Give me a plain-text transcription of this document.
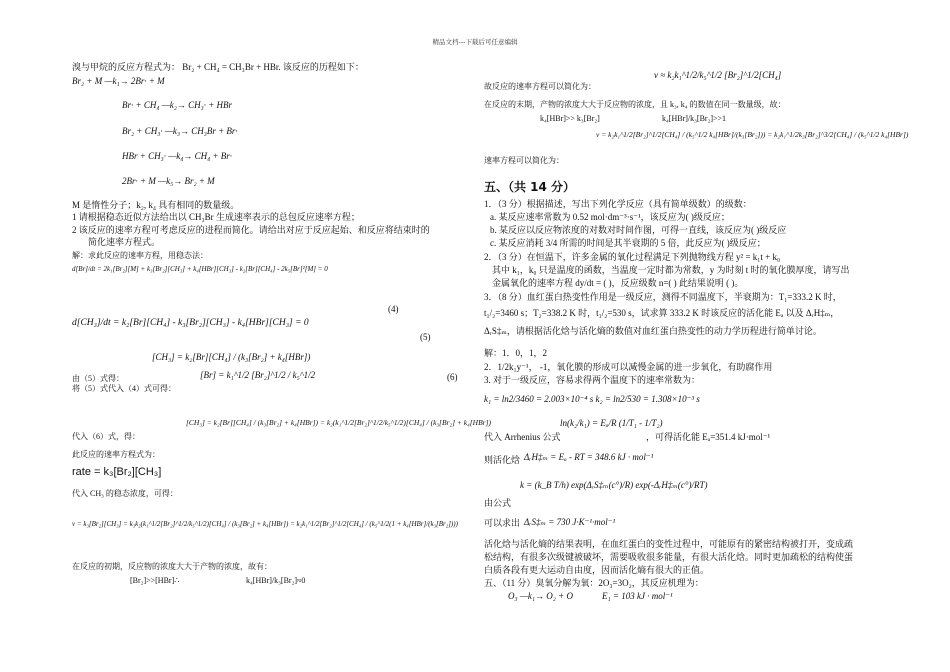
精品文档---下载后可任意编辑
溴与甲烷的反应方程式为： Br₂ + CH₄ = CH₃Br + HBr. 该反应的历程如下：
Br₂ + M —k₁→ 2Br· + M
Br· + CH₄ —k₂→ CH₃· + HBr
Br₂ + CH₃· —k₃→ CH₃Br + Br·
HBr + CH₃· —k₄→ CH₄ + Br·
2Br· + M —k₅→ Br₂ + M
M 是惰性分子；k₂, k₄ 具有相同的数量级。
1 请根据稳态近似方法给出以 CH₃Br 生成速率表示的总包反应速率方程；
2 该反应的速率方程可考虑反应的进程而简化。请给出对应于反应起始、和反应将结束时的
简化速率方程式。
解：求此反应的速率方程，用稳态法：
d[Br]/dt = 2k₁[Br₂][M] + k₃[Br₂][CH₃] + k₄[HBr][CH₃] - k₂[Br][CH₄] - 2k₅[Br]²[M] = 0
(4)
d[CH₃]/dt = k₂[Br][CH₄] - k₃[Br₂][CH₃] - k₄[HBr][CH₃] = 0
(5)
[CH₃] = k₂[Br][CH₄] / (k₃[Br₂] + k₄[HBr])
由（5）式得：	(6)
[Br] = k₁^1/2 [Br₂]^1/2 / k₅^1/2
将（5）式代入（4）式可得：
[CH₃] = k₂[Br][CH₄] / (k₃[Br₂] + k₄[HBr]) = k₂(k₁^1/2[Br₂]^1/2/k₅^1/2)[CH₄] / (k₃[Br₂] + k₄[HBr])
代入（6）式，得：
此反应的速率方程式为：
rate = k₃[Br₂][CH₃]
代入 CH₃ 的稳态浓度，可得：
v = k₃[Br₂][CH₃] = k₃k₂(k₁^1/2[Br₂]^1/2/k₅^1/2)[CH₄] / (k₃[Br₂] + k₄[HBr]) = k₂k₁^1/2[Br₂]^1/2[CH₄] / (k₅^1/2(1 + k₄[HBr]/(k₃[Br₂])))
在反应的初期，反应物的浓度大大于产物的浓度，故有：
[Br₂]>>[HBr]∴	k₄[HBr]/k₃[Br₂]≈0
v ≈ k₂k₁^1/2/k₅^1/2 [Br₂]^1/2[CH₄]
故反应的速率方程可以简化为：
在反应的末期，产物的浓度大大于反应物的浓度，且 k₃, k₄ 的数值在同一数量级，故：
k₄[HBr]>> k₃[Br₂]	k₄[HBr]/k₃[Br₂]>>1
v = k₂k₁^1/2[Br₂]^1/2[CH₄] / (k₅^1/2 k₄[HBr]/(k₃[Br₂])) = k₂k₁^1/2k₃[Br₂]^3/2[CH₄] / (k₅^1/2 k₄[HBr])
速率方程可以简化为：
五、（共 14 分）
1．（3 分）根据描述，写出下列化学反应（具有简单级数）的级数：
a. 某反应速率常数为 0.52 mol·dm⁻³·s⁻¹，该反应为( )级反应；
b. 某反应以反应物浓度的对数对时间作图，可得一直线，该反应为( )级反应
c. 某反应消耗 3/4 所需的时间是其半衰期的 5 倍，此反应为( )级反应；
2．（3 分）在恒温下，许多金属的氧化过程满足下列抛物线方程 y² = k₁t + k₀
其中 k₁，k₀ 只是温度的函数，当温度一定时都为常数，y 为时刻 t 时的氧化膜厚度，请写出
金属氧化的速率方程 dy/dt = ( )，反应级数 n=( ) 此结果说明 ( )。
3．（8 分）血红蛋白热变性作用是一级反应，测得不同温度下，半衰期为：T₁=333.2 K 时，
t₁/₂=3460 s；T₂=338.2 K 时，t₁/₂=530 s，试求算 333.2 K 时该反应的活化能 Eₐ 以及 ΔᵣH‡ₘ，
ΔᵣS‡ₘ，请根据活化焓与活化熵的数值对血红蛋白热变性的动力学历程进行简单讨论。
解：1．0，1，2
2．1/2k₁y⁻¹， -1，氧化膜的形成可以减慢金属的进一步氧化，有助腐作用
3. 对于一级反应，容易求得两个温度下的速率常数为：
k₁ = ln2/3460 = 2.003×10⁻⁴ s k₂ = ln2/530 = 1.308×10⁻³ s
代入 Arrhenius 公式
ln(k₂/k₁) = Eₐ/R (1/T₁ - 1/T₂)
，可得活化能 Eₐ=351.4 kJ·mol⁻¹
则活化焓 ΔᵣH‡ₘ = Eₐ - RT = 348.6 kJ · mol⁻¹
k = (k_B T/h) exp(ΔᵣS‡ₘ(c°)/R) exp(-ΔᵣH‡ₘ(c°)/RT)
由公式
可以求出 ΔᵣS‡ₘ = 730 J·K⁻¹·mol⁻¹
活化焓与活化熵的结果表明，在血红蛋白的变性过程中，可能原有的紧密结构被打开，变成疏
松结构，有很多次级键被破坏，需要吸收很多能量，有很大活化焓。同时更加疏松的结构使蛋
白质各段有更大运动自由度，因而活化熵有很大的正值。
五、（11 分）臭氧分解为氧：2O₃=3O₂，其反应机理为：
O₃ —k₁→ O₂ + O	E₁ = 103 kJ · mol⁻¹
